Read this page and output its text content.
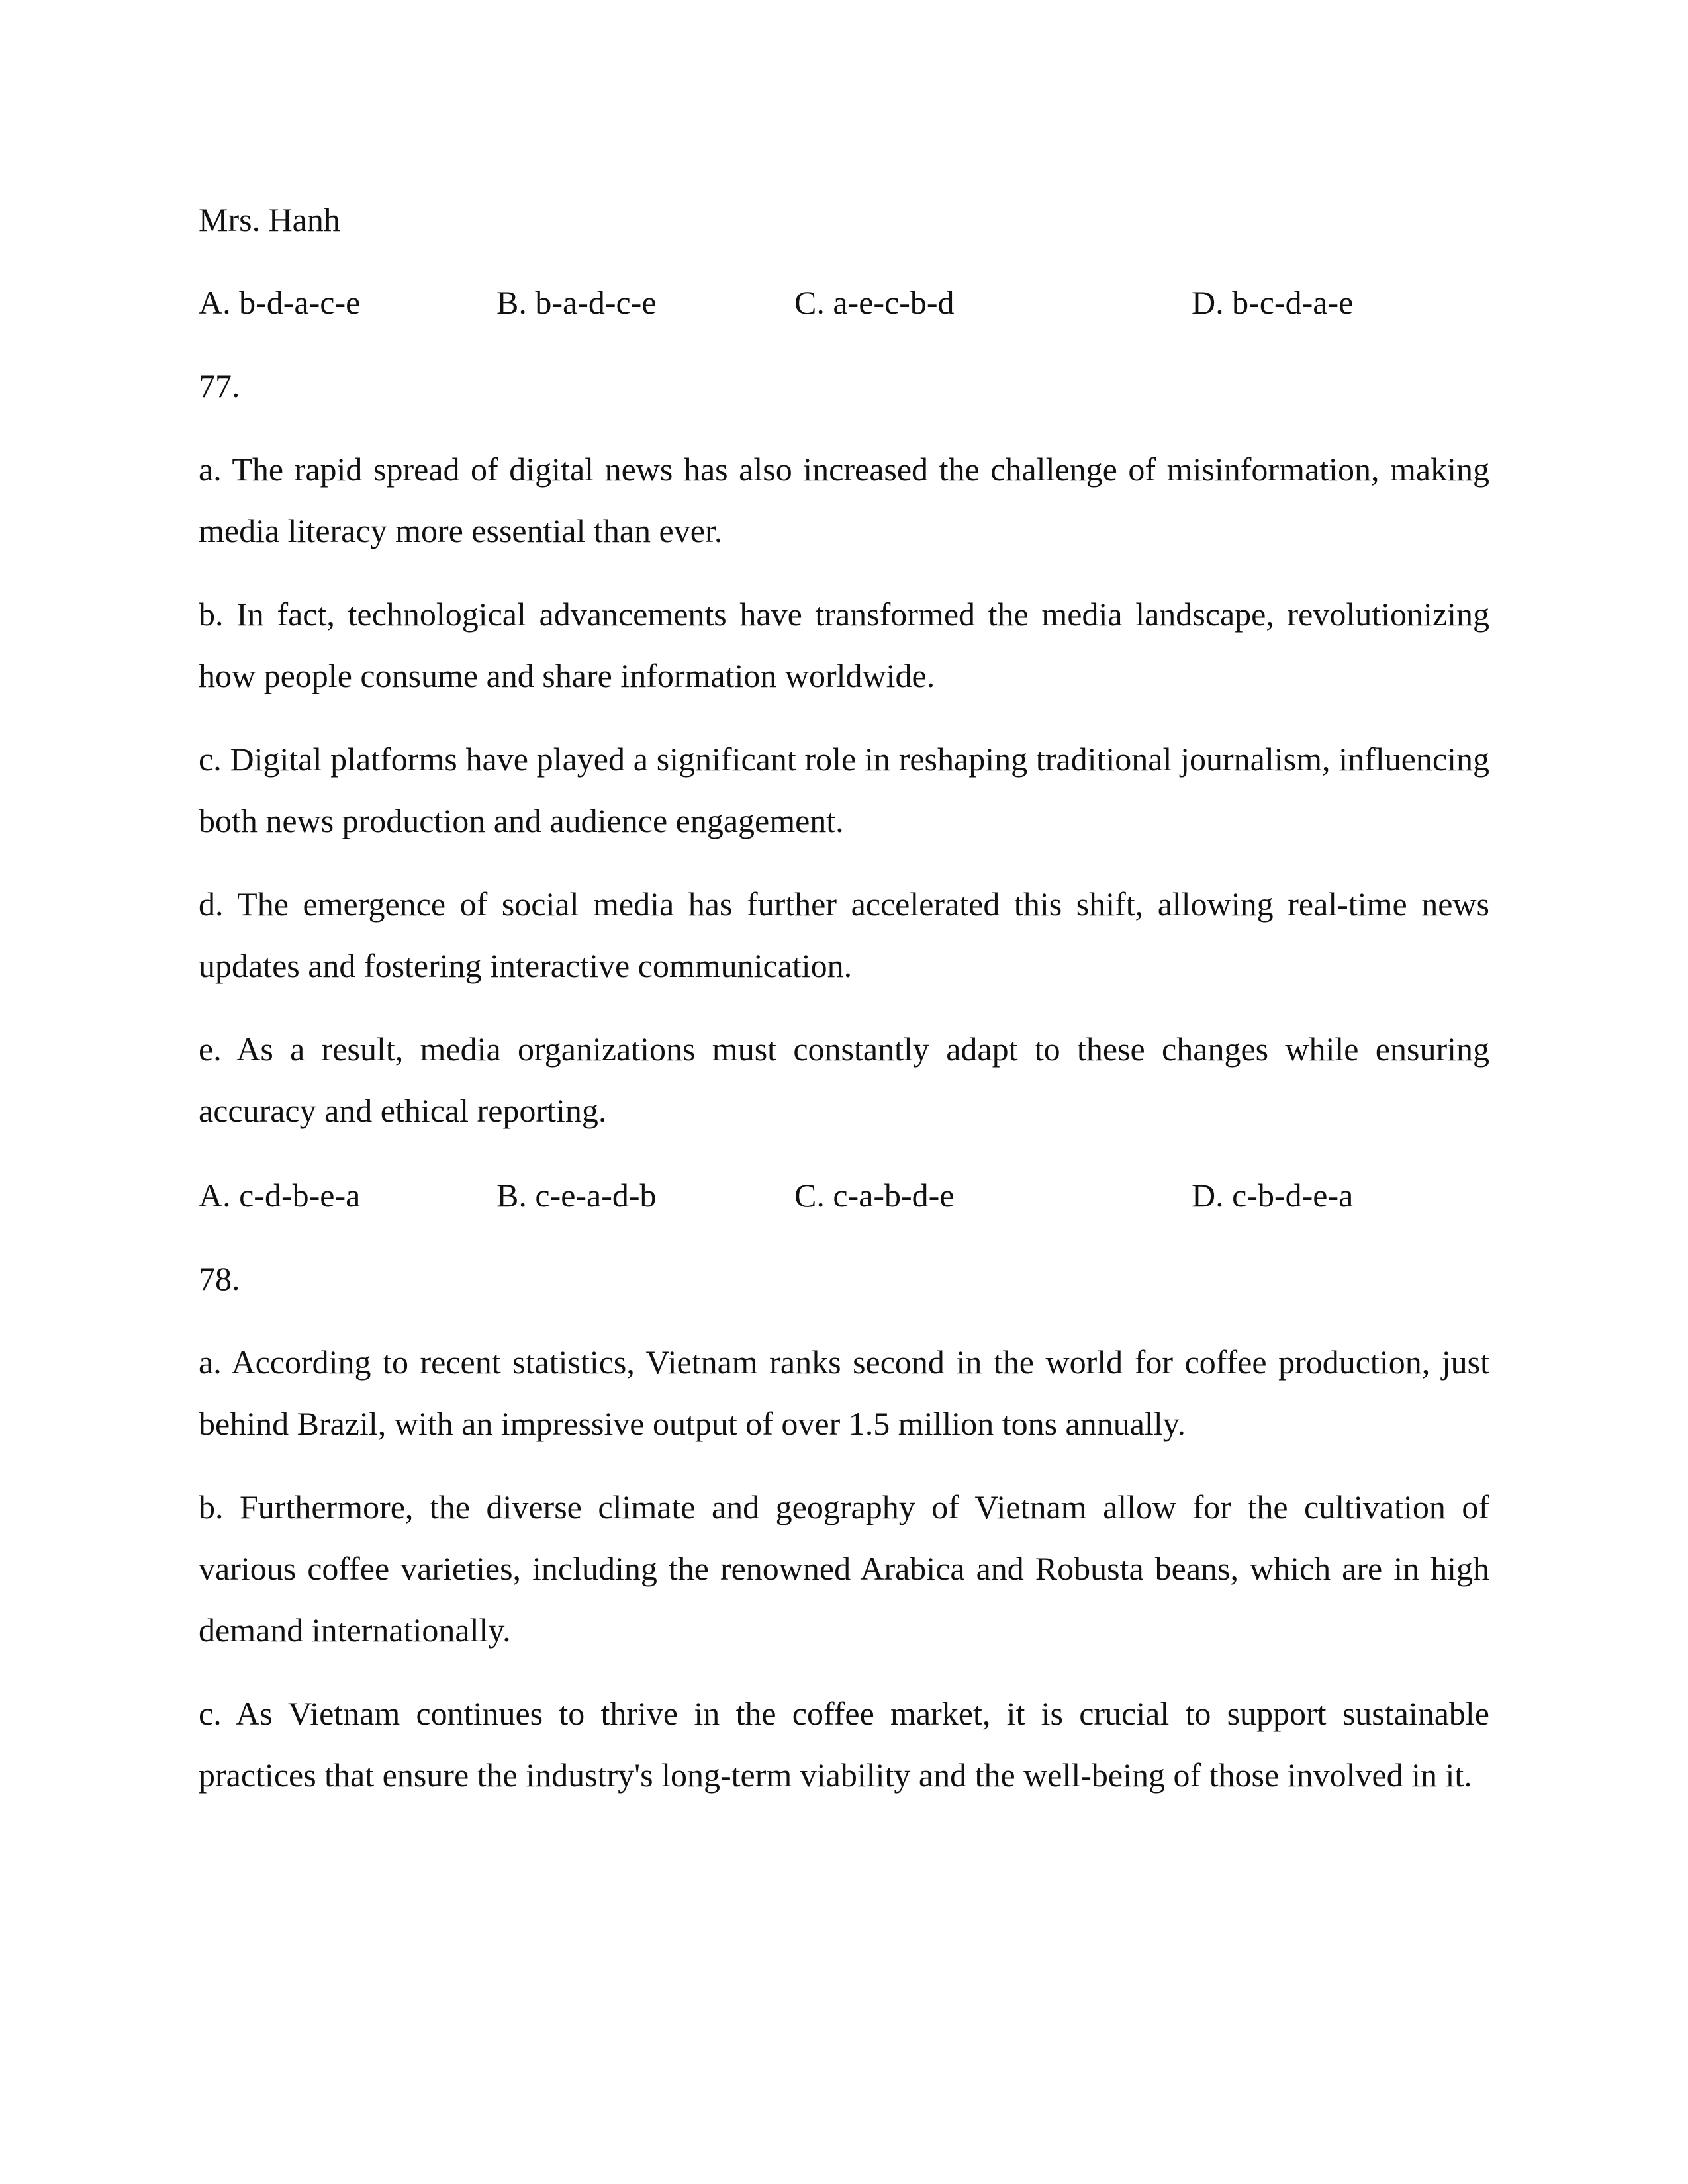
Mrs. Hanh
A. b-d-a-c-e	B. b-a-d-c-e	C. a-e-c-b-d	D. b-c-d-a-e
77.
a. The rapid spread of digital news has also increased the challenge of misinformation, making media literacy more essential than ever.
b. In fact, technological advancements have transformed the media landscape, revolutionizing how people consume and share information worldwide.
c. Digital platforms have played a significant role in reshaping traditional journalism, influencing both news production and audience engagement.
d. The emergence of social media has further accelerated this shift, allowing real-time news updates and fostering interactive communication.
e. As a result, media organizations must constantly adapt to these changes while ensuring accuracy and ethical reporting.
A. c-d-b-e-a	B. c-e-a-d-b	C. c-a-b-d-e	D. c-b-d-e-a
78.
a. According to recent statistics, Vietnam ranks second in the world for coffee production, just behind Brazil, with an impressive output of over 1.5 million tons annually.
b. Furthermore, the diverse climate and geography of Vietnam allow for the cultivation of various coffee varieties, including the renowned Arabica and Robusta beans, which are in high demand internationally.
c. As Vietnam continues to thrive in the coffee market, it is crucial to support sustainable practices that ensure the industry's long-term viability and the well-being of those involved in it.
